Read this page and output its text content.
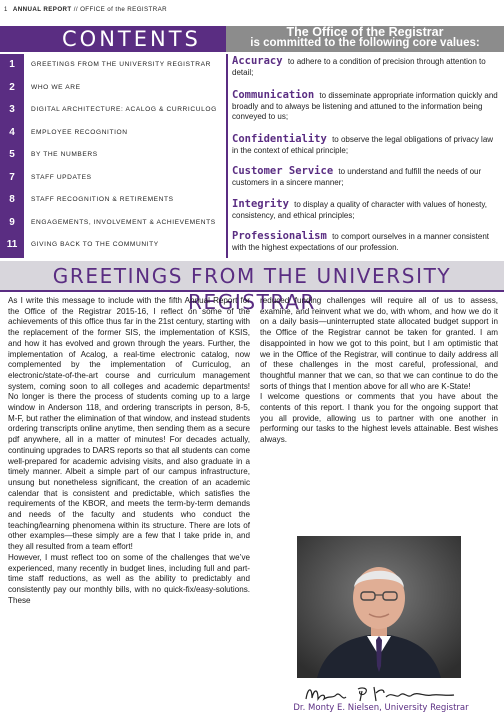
1 ANNUAL REPORT // OFFICE of the REGISTRAR
CONTENTS	The Office of the Registrar
is committed to the following core values:
1	GREETINGS FROM THE UNIVERSITY REGISTRAR
2	WHO WE ARE
3	DIGITAL ARCHITECTURE: ACALOG & CURRICULOG
4	EMPLOYEE RECOGNITION
5	BY THE NUMBERS
7	STAFF UPDATES
8	STAFF RECOGNITION & RETIREMENTS
9	ENGAGEMENTS, INVOLVEMENT & ACHIEVEMENTS
11	GIVING BACK TO THE COMMUNITY
Accuracy to adhere to a condition of precision through attention to detail;
Communication to disseminate appropriate information quickly and broadly and to always be listening and attuned to the information being conveyed to us;
Confidentiality to observe the legal obligations of privacy law in the context of ethical principle;
Customer Service to understand and fulfill the needs of our customers in a sincere manner;
Integrity to display a quality of character with values of honesty, consistency, and ethical principles;
Professionalism to comport ourselves in a manner consistent with the highest expectations of our profession.
GREETINGS FROM THE UNIVERSITY REGISTRAR

As I write this message to include with the fifth Annual Report for the Office of the Registrar 2015-16, I reflect on some of the achievements of this office thus far in the 21st century, starting with the replacement of the former SIS, the implementation of KSIS, and how it has evolved and grown through the years. Further, the implementation of Acalog, a real-time electronic catalog, now complemented by the implementation of Curriculog, an electronic/state-of-the-art course and curriculum management system, coming soon to all colleges and academic departments! No longer is there the process of students coming up to a large window in Anderson 118, and ordering transcripts in person, 8-5, M-F, but rather the elimination of that window, and instead students ordering transcripts online anytime, then sending them as a secure pdf anywhere, all in a matter of minutes! For decades actually, continuing upgrades to DARS reports so that all students can come well-prepared for academic advising visits, and also graduate in a timely manner. Albeit a simple part of our campus infrastructure, unsung but nonetheless significant, the creation of an academic calendar that is consistent and predictable, which satisfies the requirements of the KBOR, and meets the term-by-term demands and needs of the faculty and students who conduct the teaching/learning phenomena within its structure. There are lots of other examples—these simply are a few that I take pride in, and they all resulted from a team effort!

However, I must reflect too on some of the challenges that we’ve experienced, many recently in budget lines, including full and part-time staff reductions, as well as the ability to predictably and consistently pay our monthly bills, with no quick-fix/easy-solutions. These

reduced funding challenges will require all of us to assess, examine, and reinvent what we do, with whom, and how we do it on a daily basis—uninterrupted state allocated budget support in the Office of the Registrar cannot be taken for granted. I am disappointed in how we got to this point, but I am optimistic that we in the Office of the Registrar, will continue to daily address all of these challenges in the most careful, professional, and thoughtful manner that we can, so that we can continue to do the sorts of things that I mention above for all who are K-State!

I welcome questions or comments that you have about the contents of this report. I thank you for the ongoing support that you all provide, allowing us to partner with one another in performing our tasks to the highest levels attainable. Best wishes always.

Dr. Monty E. Nielsen, University Registrar
